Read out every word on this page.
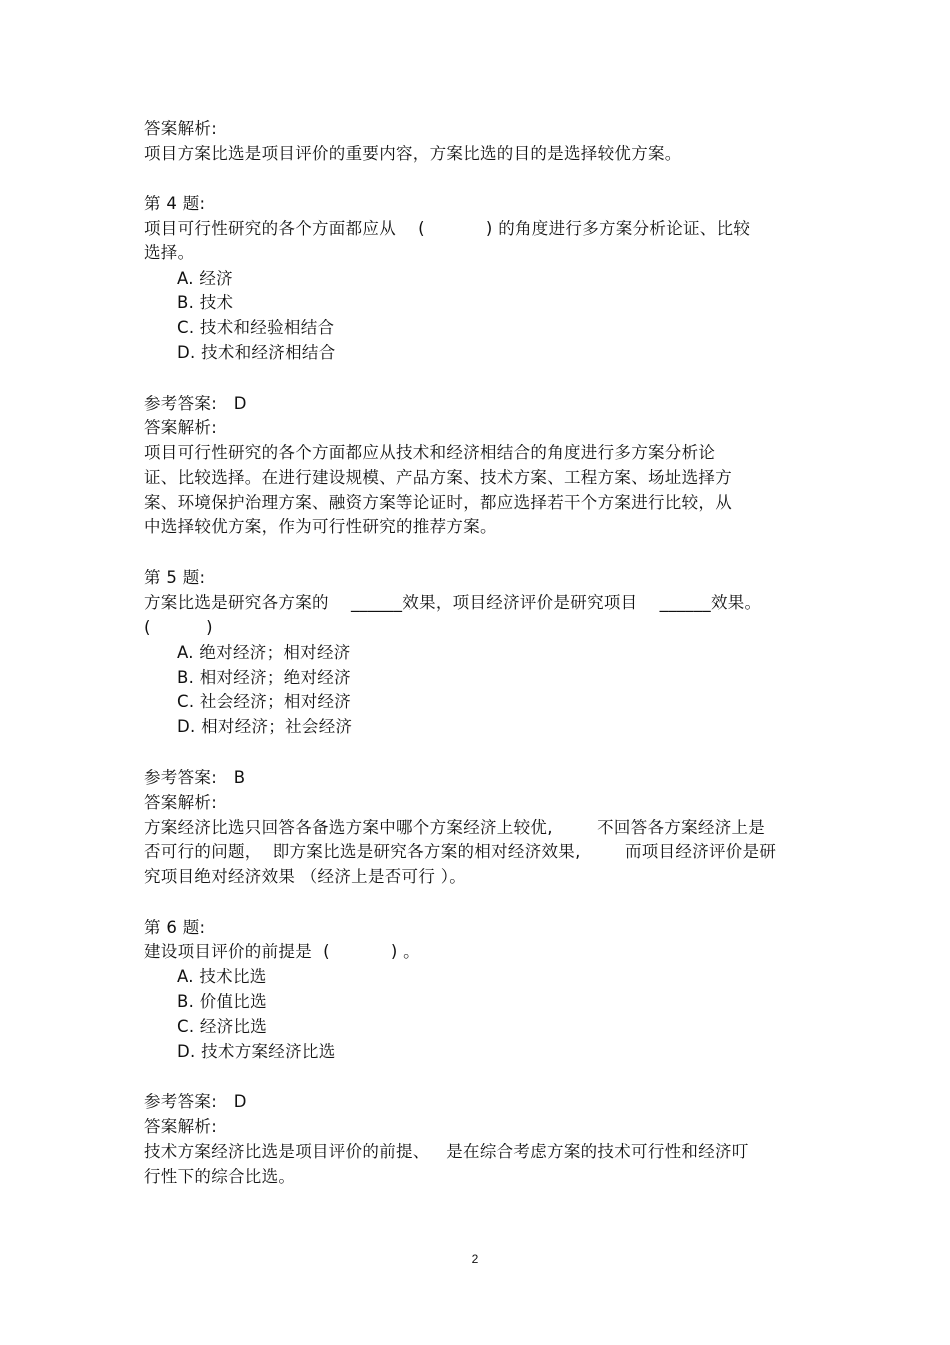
答案解析:
项目方案比选是项目评价的重要内容，方案比选的目的是选择较优方案。
第 4 题:
项目可行性研究的各个方面都应从    (           ) 的角度进行多方案分析论证、比较
选择。
A. 经济
B. 技术
C. 技术和经验相结合
D. 技术和经济相结合
参考答案:   D
答案解析:
项目可行性研究的各个方面都应从技术和经济相结合的角度进行多方案分析论
证、比较选择。在进行建设规模、产品方案、技术方案、工程方案、场址选择方
案、环境保护治理方案、融资方案等论证时，都应选择若干个方案进行比较，从
中选择较优方案，作为可行性研究的推荐方案。
第 5 题:
方案比选是研究各方案的    ______效果，项目经济评价是研究项目    ______效果。
(          )
A. 绝对经济；相对经济
B. 相对经济；绝对经济
C. 社会经济；相对经济
D. 相对经济；社会经济
参考答案:   B
答案解析:
方案经济比选只回答各备选方案中哪个方案经济上较优,        不回答各方案经济上是
否可行的问题，  即方案比选是研究各方案的相对经济效果,        而项目经济评价是研
究项目绝对经济效果 （经济上是否可行 ）。
第 6 题:
建设项目评价的前提是  (           ) 。
A. 技术比选
B. 价值比选
C. 经济比选
D. 技术方案经济比选
参考答案:   D
答案解析:
技术方案经济比选是项目评价的前提、   是在综合考虑方案的技术可行性和经济叮
行性下的综合比选。
2
